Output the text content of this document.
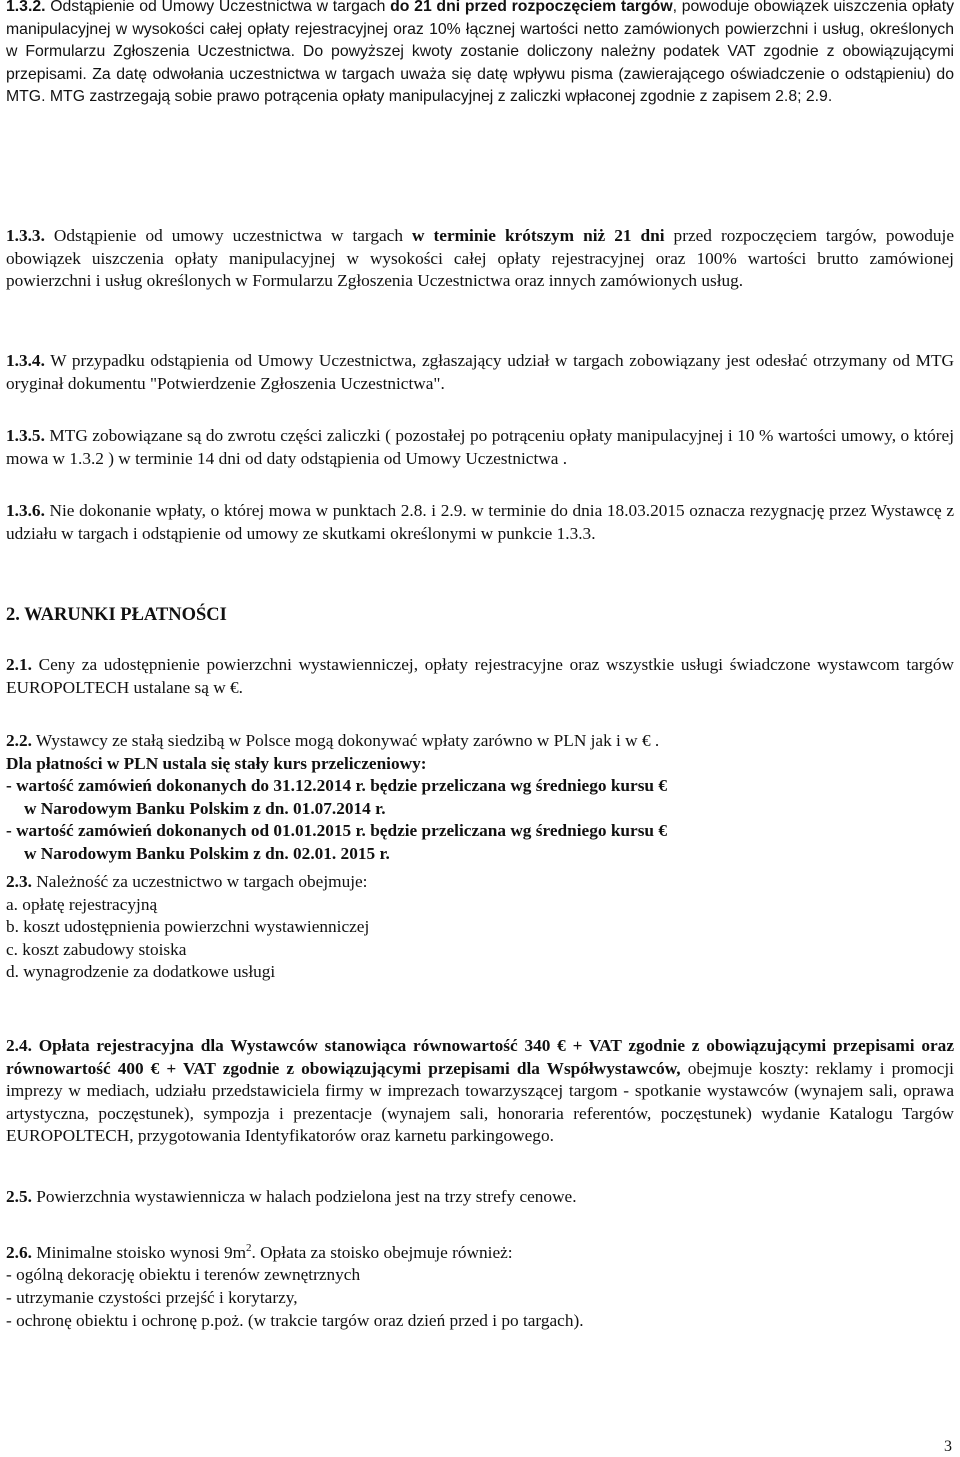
1.3.2. Odstąpienie od Umowy Uczestnictwa w targach do 21 dni przed rozpoczęciem targów, powoduje obowiązek uiszczenia opłaty manipulacyjnej w wysokości całej opłaty rejestracyjnej oraz 10% łącznej wartości netto zamówionych powierzchni i usług, określonych w Formularzu Zgłoszenia Uczestnictwa. Do powyższej kwoty zostanie doliczony należny podatek VAT zgodnie z obowiązującymi przepisami. Za datę odwołania uczestnictwa w targach uważa się datę wpływu pisma (zawierającego oświadczenie o odstąpieniu) do MTG. MTG zastrzegają sobie prawo potrącenia opłaty manipulacyjnej z zaliczki wpłaconej zgodnie z zapisem 2.8; 2.9.

1.3.3. Odstąpienie od umowy uczestnictwa w targach w terminie krótszym niż 21 dni przed rozpoczęciem targów, powoduje obowiązek uiszczenia opłaty manipulacyjnej w wysokości całej opłaty rejestracyjnej oraz 100% wartości brutto zamówionej powierzchni i usług określonych w Formularzu Zgłoszenia Uczestnictwa oraz innych zamówionych usług.

1.3.4. W przypadku odstąpienia od Umowy Uczestnictwa, zgłaszający udział w targach zobowiązany jest odesłać otrzymany od MTG oryginał dokumentu "Potwierdzenie Zgłoszenia Uczestnictwa".

1.3.5. MTG zobowiązane są do zwrotu części zaliczki ( pozostałej po potrąceniu opłaty manipulacyjnej i 10 % wartości umowy, o której mowa w 1.3.2 ) w terminie 14 dni od daty odstąpienia od Umowy Uczestnictwa .

1.3.6. Nie dokonanie wpłaty, o której mowa w punktach 2.8. i 2.9. w terminie do dnia 18.03.2015 oznacza rezygnację przez Wystawcę z udziału w targach i odstąpienie od umowy ze skutkami określonymi w punkcie 1.3.3.

2. WARUNKI PŁATNOŚCI

2.1. Ceny za udostępnienie powierzchni wystawienniczej, opłaty rejestracyjne oraz wszystkie usługi świadczone wystawcom targów EUROPOLTECH ustalane są w €.

2.2. Wystawcy ze stałą siedzibą w Polsce mogą dokonywać wpłaty zarówno w PLN jak i w € .
Dla płatności w PLN ustala się stały kurs przeliczeniowy:
- wartość zamówień dokonanych do 31.12.2014 r. będzie przeliczana wg średniego kursu €
w Narodowym Banku Polskim z dn. 01.07.2014 r.
- wartość zamówień dokonanych od 01.01.2015 r. będzie przeliczana wg średniego kursu €
w Narodowym Banku Polskim z dn. 02.01. 2015 r.
2.3. Należność za uczestnictwo w targach obejmuje:
a. opłatę rejestracyjną
b. koszt udostępnienia powierzchni wystawienniczej
c. koszt zabudowy stoiska
d. wynagrodzenie za dodatkowe usługi

2.4. Opłata rejestracyjna dla Wystawców stanowiąca równowartość 340 € + VAT zgodnie z obowiązującymi przepisami oraz równowartość 400 € + VAT zgodnie z obowiązującymi przepisami dla Współwystawców, obejmuje koszty: reklamy i promocji imprezy w mediach, udziału przedstawiciela firmy w imprezach towarzyszącej targom - spotkanie wystawców (wynajem sali, oprawa artystyczna, poczęstunek), sympozja i prezentacje (wynajem sali, honoraria referentów, poczęstunek) wydanie Katalogu Targów EUROPOLTECH, przygotowania Identyfikatorów oraz karnetu parkingowego.

2.5. Powierzchnia wystawiennicza w halach podzielona jest na trzy strefy cenowe.

2.6. Minimalne stoisko wynosi $9m^2$. Opłata za stoisko obejmuje również:
- ogólną dekorację obiektu i terenów zewnętrznych
- utrzymanie czystości przejść i korytarzy,
- ochronę obiektu i ochronę p.poż. (w trakcie targów oraz dzień przed i po targach).
3
